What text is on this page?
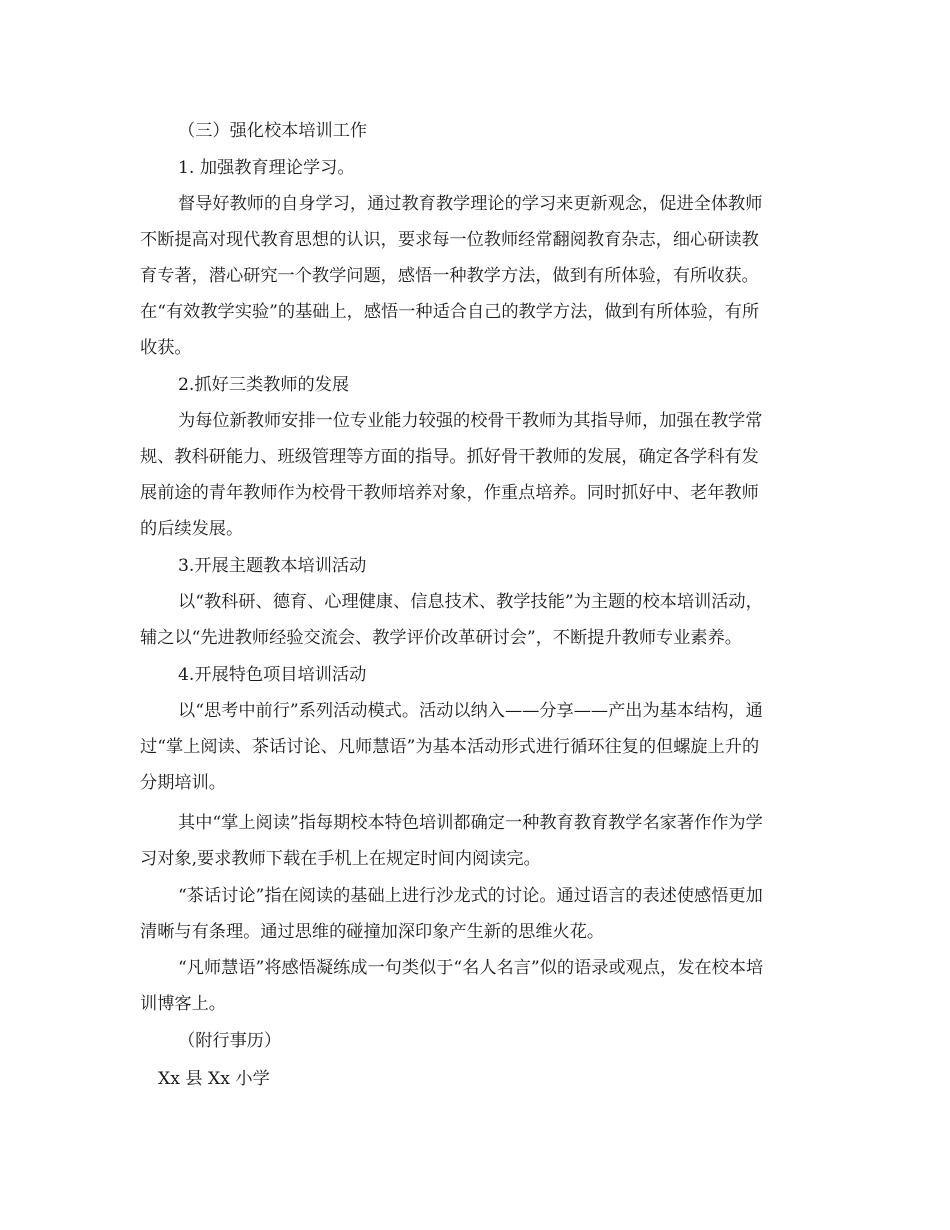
（三）强化校本培训工作
1. 加强教育理论学习。
督导好教师的自身学习，通过教育教学理论的学习来更新观念，促进全体教师
不断提高对现代教育思想的认识，要求每一位教师经常翻阅教育杂志，细心研读教
育专著，潜心研究一个教学问题，感悟一种教学方法，做到有所体验，有所收获。
在“有效教学实验”的基础上，感悟一种适合自己的教学方法，做到有所体验，有所
收获。
2.抓好三类教师的发展
为每位新教师安排一位专业能力较强的校骨干教师为其指导师，加强在教学常
规、教科研能力、班级管理等方面的指导。抓好骨干教师的发展，确定各学科有发
展前途的青年教师作为校骨干教师培养对象，作重点培养。同时抓好中、老年教师
的后续发展。
3.开展主题教本培训活动
以“教科研、德育、心理健康、信息技术、教学技能”为主题的校本培训活动，
辅之以“先进教师经验交流会、教学评价改革研讨会”，不断提升教师专业素养。
4.开展特色项目培训活动
以“思考中前行”系列活动模式。活动以纳入——分享——产出为基本结构，通
过“掌上阅读、茶话讨论、凡师慧语”为基本活动形式进行循环往复的但螺旋上升的
分期培训。
其中“掌上阅读”指每期校本特色培训都确定一种教育教育教学名家著作作为学
习对象,要求教师下载在手机上在规定时间内阅读完。
“茶话讨论”指在阅读的基础上进行沙龙式的讨论。通过语言的表述使感悟更加
清晰与有条理。通过思维的碰撞加深印象产生新的思维火花。
“凡师慧语”将感悟凝练成一句类似于“名人名言”似的语录或观点，发在校本培
训博客上。
（附行事历）
Xx 县 Xx 小学
